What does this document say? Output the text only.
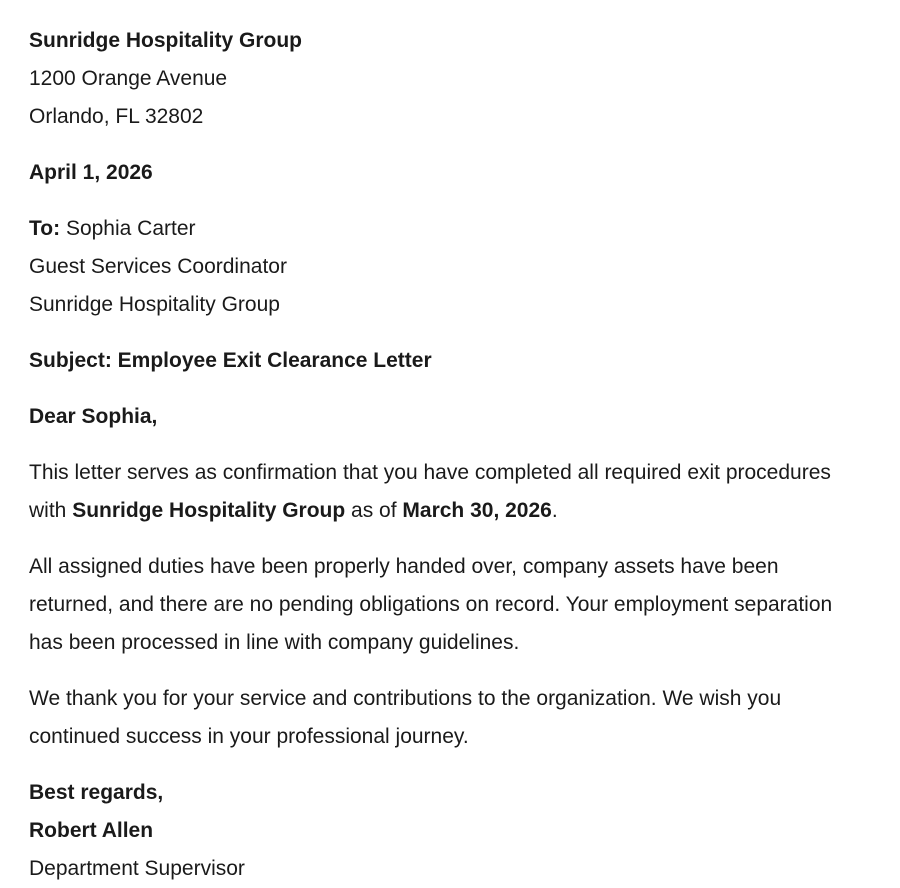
Sunridge Hospitality Group
1200 Orange Avenue
Orlando, FL 32802
April 1, 2026
To: Sophia Carter
Guest Services Coordinator
Sunridge Hospitality Group
Subject: Employee Exit Clearance Letter
Dear Sophia,

This letter serves as confirmation that you have completed all required exit procedures with Sunridge Hospitality Group as of March 30, 2026.

All assigned duties have been properly handed over, company assets have been returned, and there are no pending obligations on record. Your employment separation has been processed in line with company guidelines.

We thank you for your service and contributions to the organization. We wish you continued success in your professional journey.

Best regards,
Robert Allen
Department Supervisor
